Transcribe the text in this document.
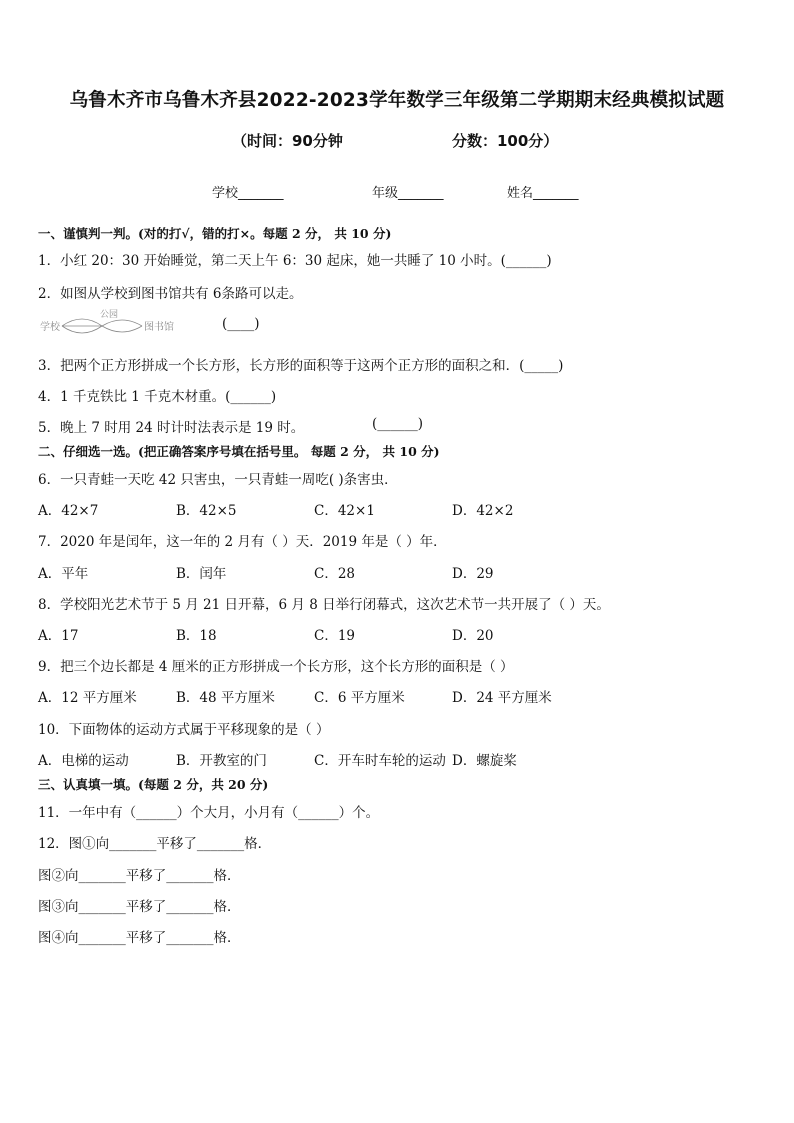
乌鲁木齐市乌鲁木齐县2022-2023学年数学三年级第二学期期末经典模拟试题
（时间：90分钟	分数：100分）
学校_______	年级_______	姓名_______
一、谨慎判一判。(对的打√，错的打×。每题 2 分， 共 10 分)
1．小红 20：30 开始睡觉，第二天上午 6：30 起床，她一共睡了 10 小时。(______)
2．如图从学校到图书馆共有 6条路可以走。
学校
公园
图书馆	(____)
3．把两个正方形拼成一个长方形，长方形的面积等于这两个正方形的面积之和．(_____)
4．1 千克铁比 1 千克木材重。(______)
5．晚上 7 时用 24 时计时法表示是 19 时。	(______)
二、仔细选一选。(把正确答案序号填在括号里。 每题 2 分， 共 10 分)
6．一只青蛙一天吃 42 只害虫，一只青蛙一周吃( )条害虫．
A．42×7	B．42×5	C．42×1	D．42×2
7．2020 年是闰年，这一年的 2 月有（ ）天．2019 年是（ ）年．
A．平年	B．闰年	C．28	D．29
8．学校阳光艺术节于 5 月 21 日开幕，6 月 8 日举行闭幕式，这次艺术节一共开展了（ ）天。
A．17	B．18	C．19	D．20
9．把三个边长都是 4 厘米的正方形拼成一个长方形，这个长方形的面积是（ ）
A．12 平方厘米	B．48 平方厘米	C．6 平方厘米	D．24 平方厘米
10．下面物体的运动方式属于平移现象的是（ ）
A．电梯的运动	B．开教室的门	C．开车时车轮的运动 D．螺旋桨
三、认真填一填。(每题 2 分，共 20 分)
11．一年中有（______）个大月，小月有（______）个。
12．图①向_______平移了_______格．
图②向_______平移了_______格．
图③向_______平移了_______格．
图④向_______平移了_______格．
